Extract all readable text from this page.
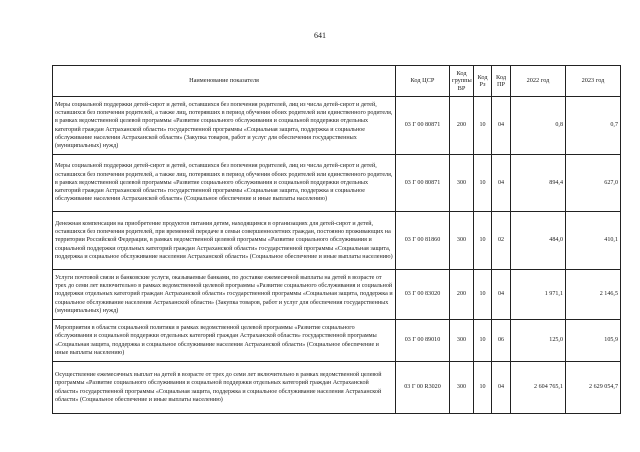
641
Наименование показателя	Код ЦСР	Код группы ВР	Код Рз	Код ПР	2022 год	2023 год
Меры социальной поддержки детей-сирот и детей, оставшихся без попечения родителей, лиц из числа детей-сирот и детей, оставшихся без попечения родителей, а также лиц, потерявших в период обучения обоих родителей или единственного родителя, в рамках ведомственной целевой программы «Развитие социального обслуживания и социальной поддержки отдельных категорий граждан Астраханской области» государственной программы «Социальная защита, поддержка и социальное обслуживание населения Астраханской области» (Закупка товаров, работ и услуг для обеспечения государственных (муниципальных) нужд)	03 Г 00 80871	200	10	04	0,8	0,7
Меры социальной поддержки детей-сирот и детей, оставшихся без попечения родителей, лиц из числа детей-сирот и детей, оставшихся без попечения родителей, а также лиц, потерявших в период обучения обоих родителей или единственного родителя, в рамках ведомственной целевой программы «Развитие социального обслуживания и социальной поддержки отдельных категорий граждан Астраханской области» государственной программы «Социальная защита, поддержка и социальное обслуживание населения Астраханской области» (Социальное обеспечение и иные выплаты населению)	03 Г 00 80871	300	10	04	894,4	627,0
Денежная компенсация на приобретение продуктов питания детям, находящимся в организациях для детей-сирот и детей, оставшихся без попечения родителей, при временной передаче в семьи совершеннолетних граждан, постоянно проживающих на территории Российской Федерации, в рамках ведомственной целевой программы «Развитие социального обслуживания и социальной поддержки отдельных категорий граждан Астраханской области» государственной программы «Социальная защита, поддержка и социальное обслуживание населения Астраханской области» (Социальное обеспечение и иные выплаты населению)	03 Г 00 81860	300	10	02	484,0	410,1
Услуги почтовой связи и банковские услуги, оказываемые банками, по доставке ежемесячной выплаты на детей в возрасте от трех до семи лет включительно в рамках ведомственной целевой программы «Развитие социального обслуживания и социальной поддержки отдельных категорий граждан Астраханской области» государственной программы «Социальная защита, поддержка и социальное обслуживание населения Астраханской области» (Закупка товаров, работ и услуг для обеспечения государственных (муниципальных) нужд)	03 Г 00 83020	200	10	04	1 971,1	2 146,5
Мероприятия в области социальной политики в рамках ведомственной целевой программы «Развитие социального обслуживания и социальной поддержки отдельных категорий граждан Астраханской области» государственной программы «Социальная защита, поддержка и социальное обслуживание населения Астраханской области» (Социальное обеспечение и иные выплаты населению)	03 Г 00 89010	300	10	06	125,0	105,9
Осуществление ежемесячных выплат на детей в возрасте от трех до семи лет включительно в рамках ведомственной целевой программы «Развитие социального обслуживания и социальной поддержки отдельных категорий граждан Астраханской области» государственной программы «Социальная защита, поддержка и социальное обслуживание населения Астраханской области» (Социальное обеспечение и иные выплаты населению)	03 Г 00 R3020	300	10	04	2 604 765,1	2 629 054,7
